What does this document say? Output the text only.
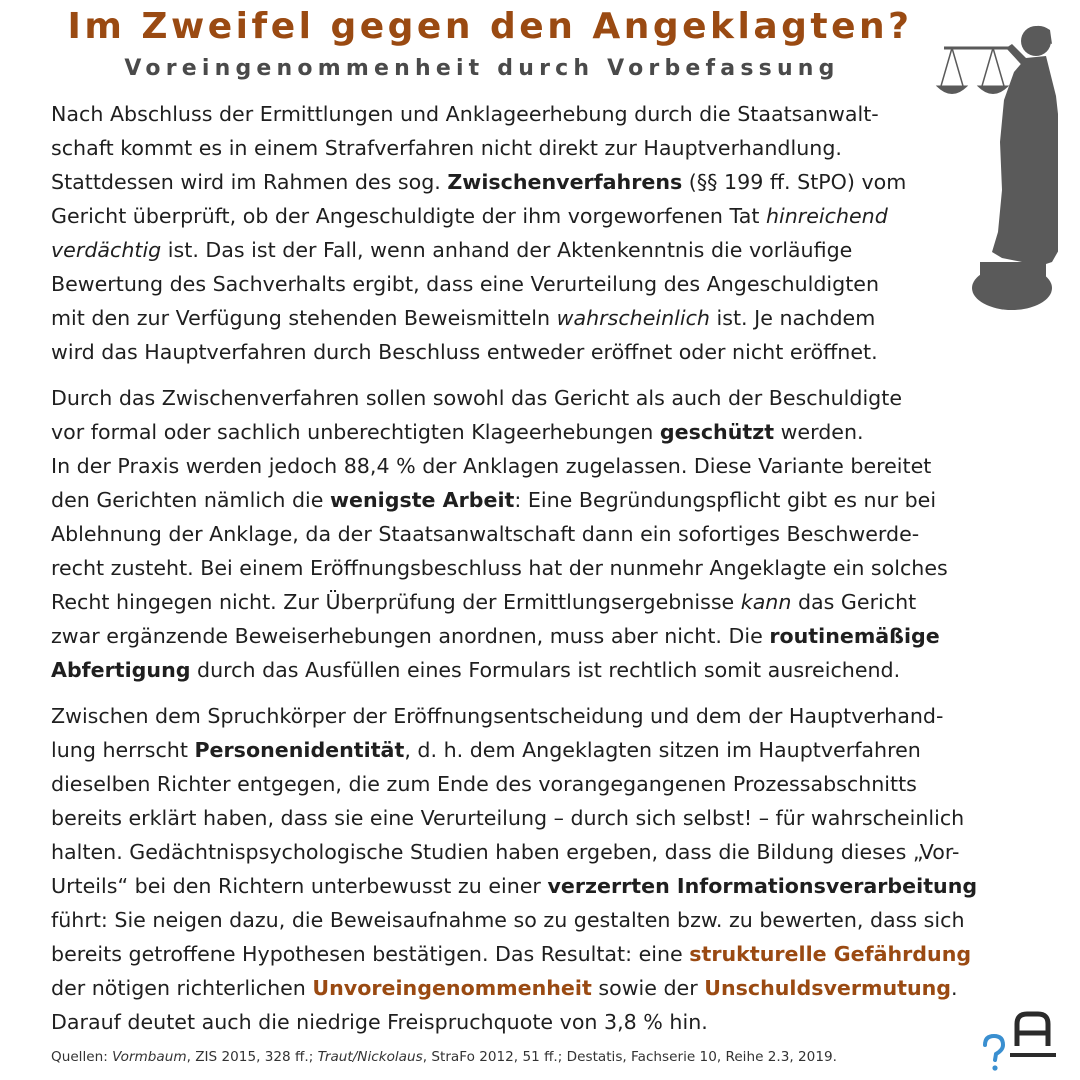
Im Zweifel gegen den Angeklagten?
Voreingenommenheit durch Vorbefassung
Nach Abschluss der Ermittlungen und Anklageerhebung durch die Staatsanwalt-
schaft kommt es in einem Strafverfahren nicht direkt zur Hauptverhandlung.
Stattdessen wird im Rahmen des sog. Zwischenverfahrens (§§ 199 ff. StPO) vom
Gericht überprüft, ob der Angeschuldigte der ihm vorgeworfenen Tat hinreichend
verdächtig ist. Das ist der Fall, wenn anhand der Aktenkenntnis die vorläufige
Bewertung des Sachverhalts ergibt, dass eine Verurteilung des Angeschuldigten
mit den zur Verfügung stehenden Beweismitteln wahrscheinlich ist. Je nachdem
wird das Hauptverfahren durch Beschluss entweder eröffnet oder nicht eröffnet.
Durch das Zwischenverfahren sollen sowohl das Gericht als auch der Beschuldigte
vor formal oder sachlich unberechtigten Klageerhebungen geschützt werden.
In der Praxis werden jedoch 88,4 % der Anklagen zugelassen. Diese Variante bereitet
den Gerichten nämlich die wenigste Arbeit: Eine Begründungspflicht gibt es nur bei
Ablehnung der Anklage, da der Staatsanwaltschaft dann ein sofortiges Beschwerde-
recht zusteht. Bei einem Eröffnungsbeschluss hat der nunmehr Angeklagte ein solches
Recht hingegen nicht. Zur Überprüfung der Ermittlungsergebnisse kann das Gericht
zwar ergänzende Beweiserhebungen anordnen, muss aber nicht. Die routinemäßige
Abfertigung durch das Ausfüllen eines Formulars ist rechtlich somit ausreichend.
Zwischen dem Spruchkörper der Eröffnungsentscheidung und dem der Hauptverhand-
lung herrscht Personenidentität, d. h. dem Angeklagten sitzen im Hauptverfahren
dieselben Richter entgegen, die zum Ende des vorangegangenen Prozessabschnitts
bereits erklärt haben, dass sie eine Verurteilung – durch sich selbst! – für wahrscheinlich
halten. Gedächtnispsychologische Studien haben ergeben, dass die Bildung dieses „Vor-
Urteils“ bei den Richtern unterbewusst zu einer verzerrten Informationsverarbeitung
führt: Sie neigen dazu, die Beweisaufnahme so zu gestalten bzw. zu bewerten, dass sich
bereits getroffene Hypothesen bestätigen. Das Resultat: eine strukturelle Gefährdung
der nötigen richterlichen Unvoreingenommenheit sowie der Unschuldsvermutung.
Darauf deutet auch die niedrige Freispruchquote von 3,8 % hin.
Quellen: Vormbaum, ZIS 2015, 328 ff.; Traut/Nickolaus, StraFo 2012, 51 ff.; Destatis, Fachserie 10, Reihe 2.3, 2019.
